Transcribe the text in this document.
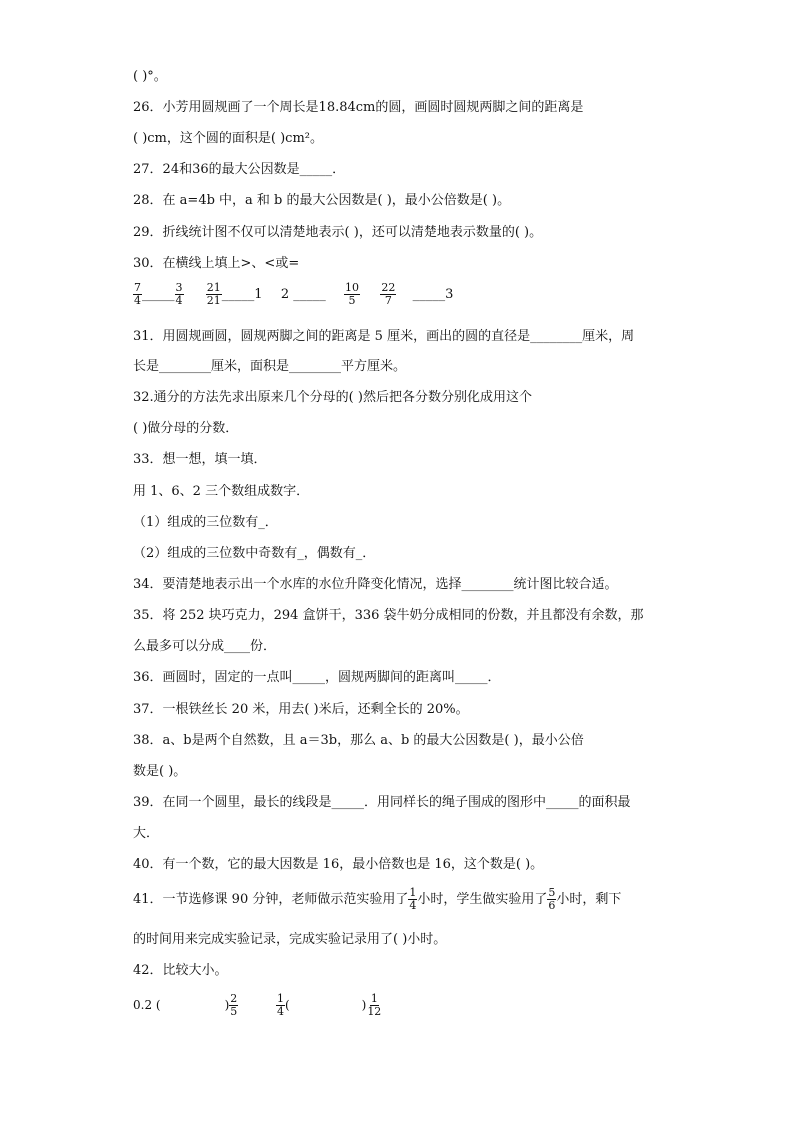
( )°。
26．小芳用圆规画了一个周长是18.84cm的圆，画圆时圆规两脚之间的距离是
( )cm，这个圆的面积是( )cm²。
27．24和36的最大公因数是_____．
28．在 a=4b 中，a 和 b 的最大公因数是( )，最小公倍数是( )。
29．折线统计图不仅可以清楚地表示( )，还可以清楚地表示数量的( )。
30．在横线上填上>、<或=
$\frac{7}{4}$ _____ $\frac{3}{4}$
$\frac{21}{21}$ _____1 2 _____ $\frac{10}{5}$
$\frac{22}{7}$ _____3
31．用圆规画圆，圆规两脚之间的距离是 5 厘米，画出的圆的直径是________厘米，周
长是________厘米，面积是________平方厘米。
32.通分的方法先求出原来几个分母的( )然后把各分数分别化成用这个
( )做分母的分数．
33．想一想，填一填．
用 1、6、2 三个数组成数字．
（1）组成的三位数有_．
（2）组成的三位数中奇数有_，偶数有_．
34．要清楚地表示出一个水库的水位升降变化情况，选择________统计图比较合适。
35．将 252 块巧克力，294 盒饼干，336 袋牛奶分成相同的份数，并且都没有余数，那
么最多可以分成____份．
36．画圆时，固定的一点叫_____，圆规两脚间的距离叫_____．
37．一根铁丝长 20 米，用去( )米后，还剩全长的 20%。
38．a、b是两个自然数，且 a＝3b，那么 a、b 的最大公因数是( )，最小公倍
数是( )。
39．在同一个圆里，最长的线段是_____．用同样长的绳子围成的图形中_____的面积最
大．
40．有一个数，它的最大因数是 16，最小倍数也是 16，这个数是( )。
41．一节选修课 90 分钟，老师做示范实验用了 $\frac{1}{4}$ 小时，学生做实验用了 $\frac{5}{6}$ 小时，剩下
的时间用来完成实验记录，完成实验记录用了( )小时。
42．比较大小。
0.2 (	) $\frac{2}{5}$
	$\frac{1}{4}$ (	) $\frac{1}{12}$
